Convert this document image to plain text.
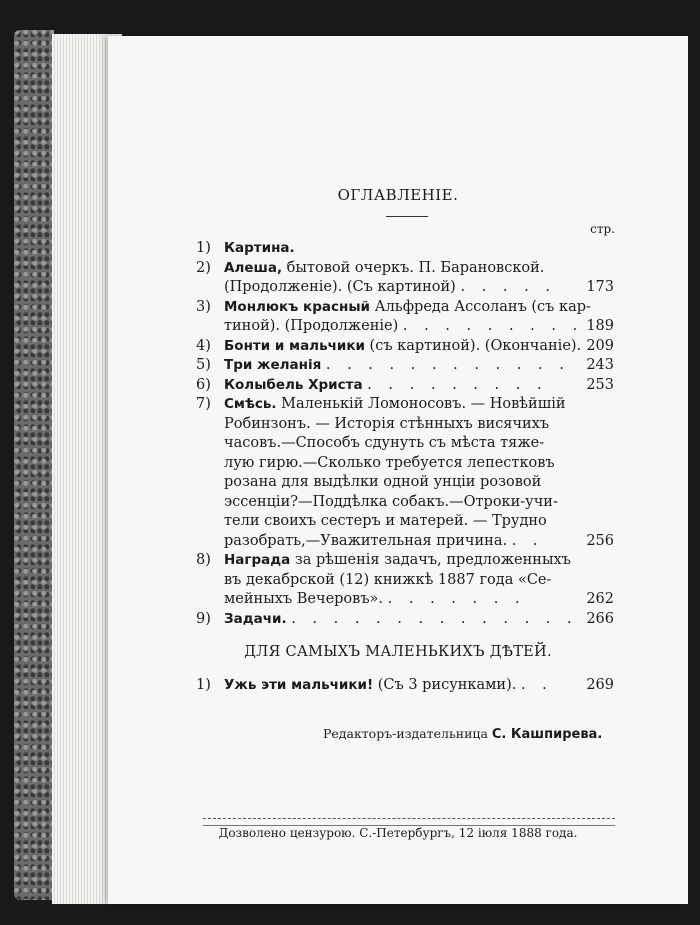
ОГЛАВЛЕНІЕ.
стр.
1) Картина.
2) Алеша, бытовой очеркъ. П. Барановской.
(Продолженіе). (Съ картиной) . . . . . 173
3) Монлюкъ красный Альфреда Ассоланъ (съ кар-
тиной). (Продолженіе) . . . . . . . . . 189
4) Бонти и мальчики (съ картиной). (Окончаніе). 209
5) Три желанія . . . . . . . . . . . . 243
6) Колыбель Христа . . . . . . . . .	253
7) Смѣсь. Маленькій Ломоносовъ. — Новѣйшій
Робинзонъ. — Исторія стѣнныхъ висячихъ
часовъ.—Способъ сдунуть съ мѣста тяже-
лую гирю.—Сколько требуется лепестковъ
розана для выдѣлки одной унціи розовой
эссенціи?—Поддѣлка собакъ.—Отроки-учи-
тели своихъ сестеръ и матерей. — Трудно
разобрать,—Уважительная причина. . .	256
8) Награда за рѣшенія задачъ, предложенныхъ
въ декабрской (12) книжкѣ 1887 года «Се-
мейныхъ Вечеровъ». . . . . . . .	262
9) Задачи. . . . . . . . . . . . . . . 266
ДЛЯ САМЫХЪ МАЛЕНЬКИХЪ ДѢТЕЙ.
1) Ужь эти мальчики! (Съ 3 рисунками). . . 269
Редакторъ-издательница С. Кашпирева.
Дозволено цензурою. С.-Петербургъ, 12 іюля 1888 года.
